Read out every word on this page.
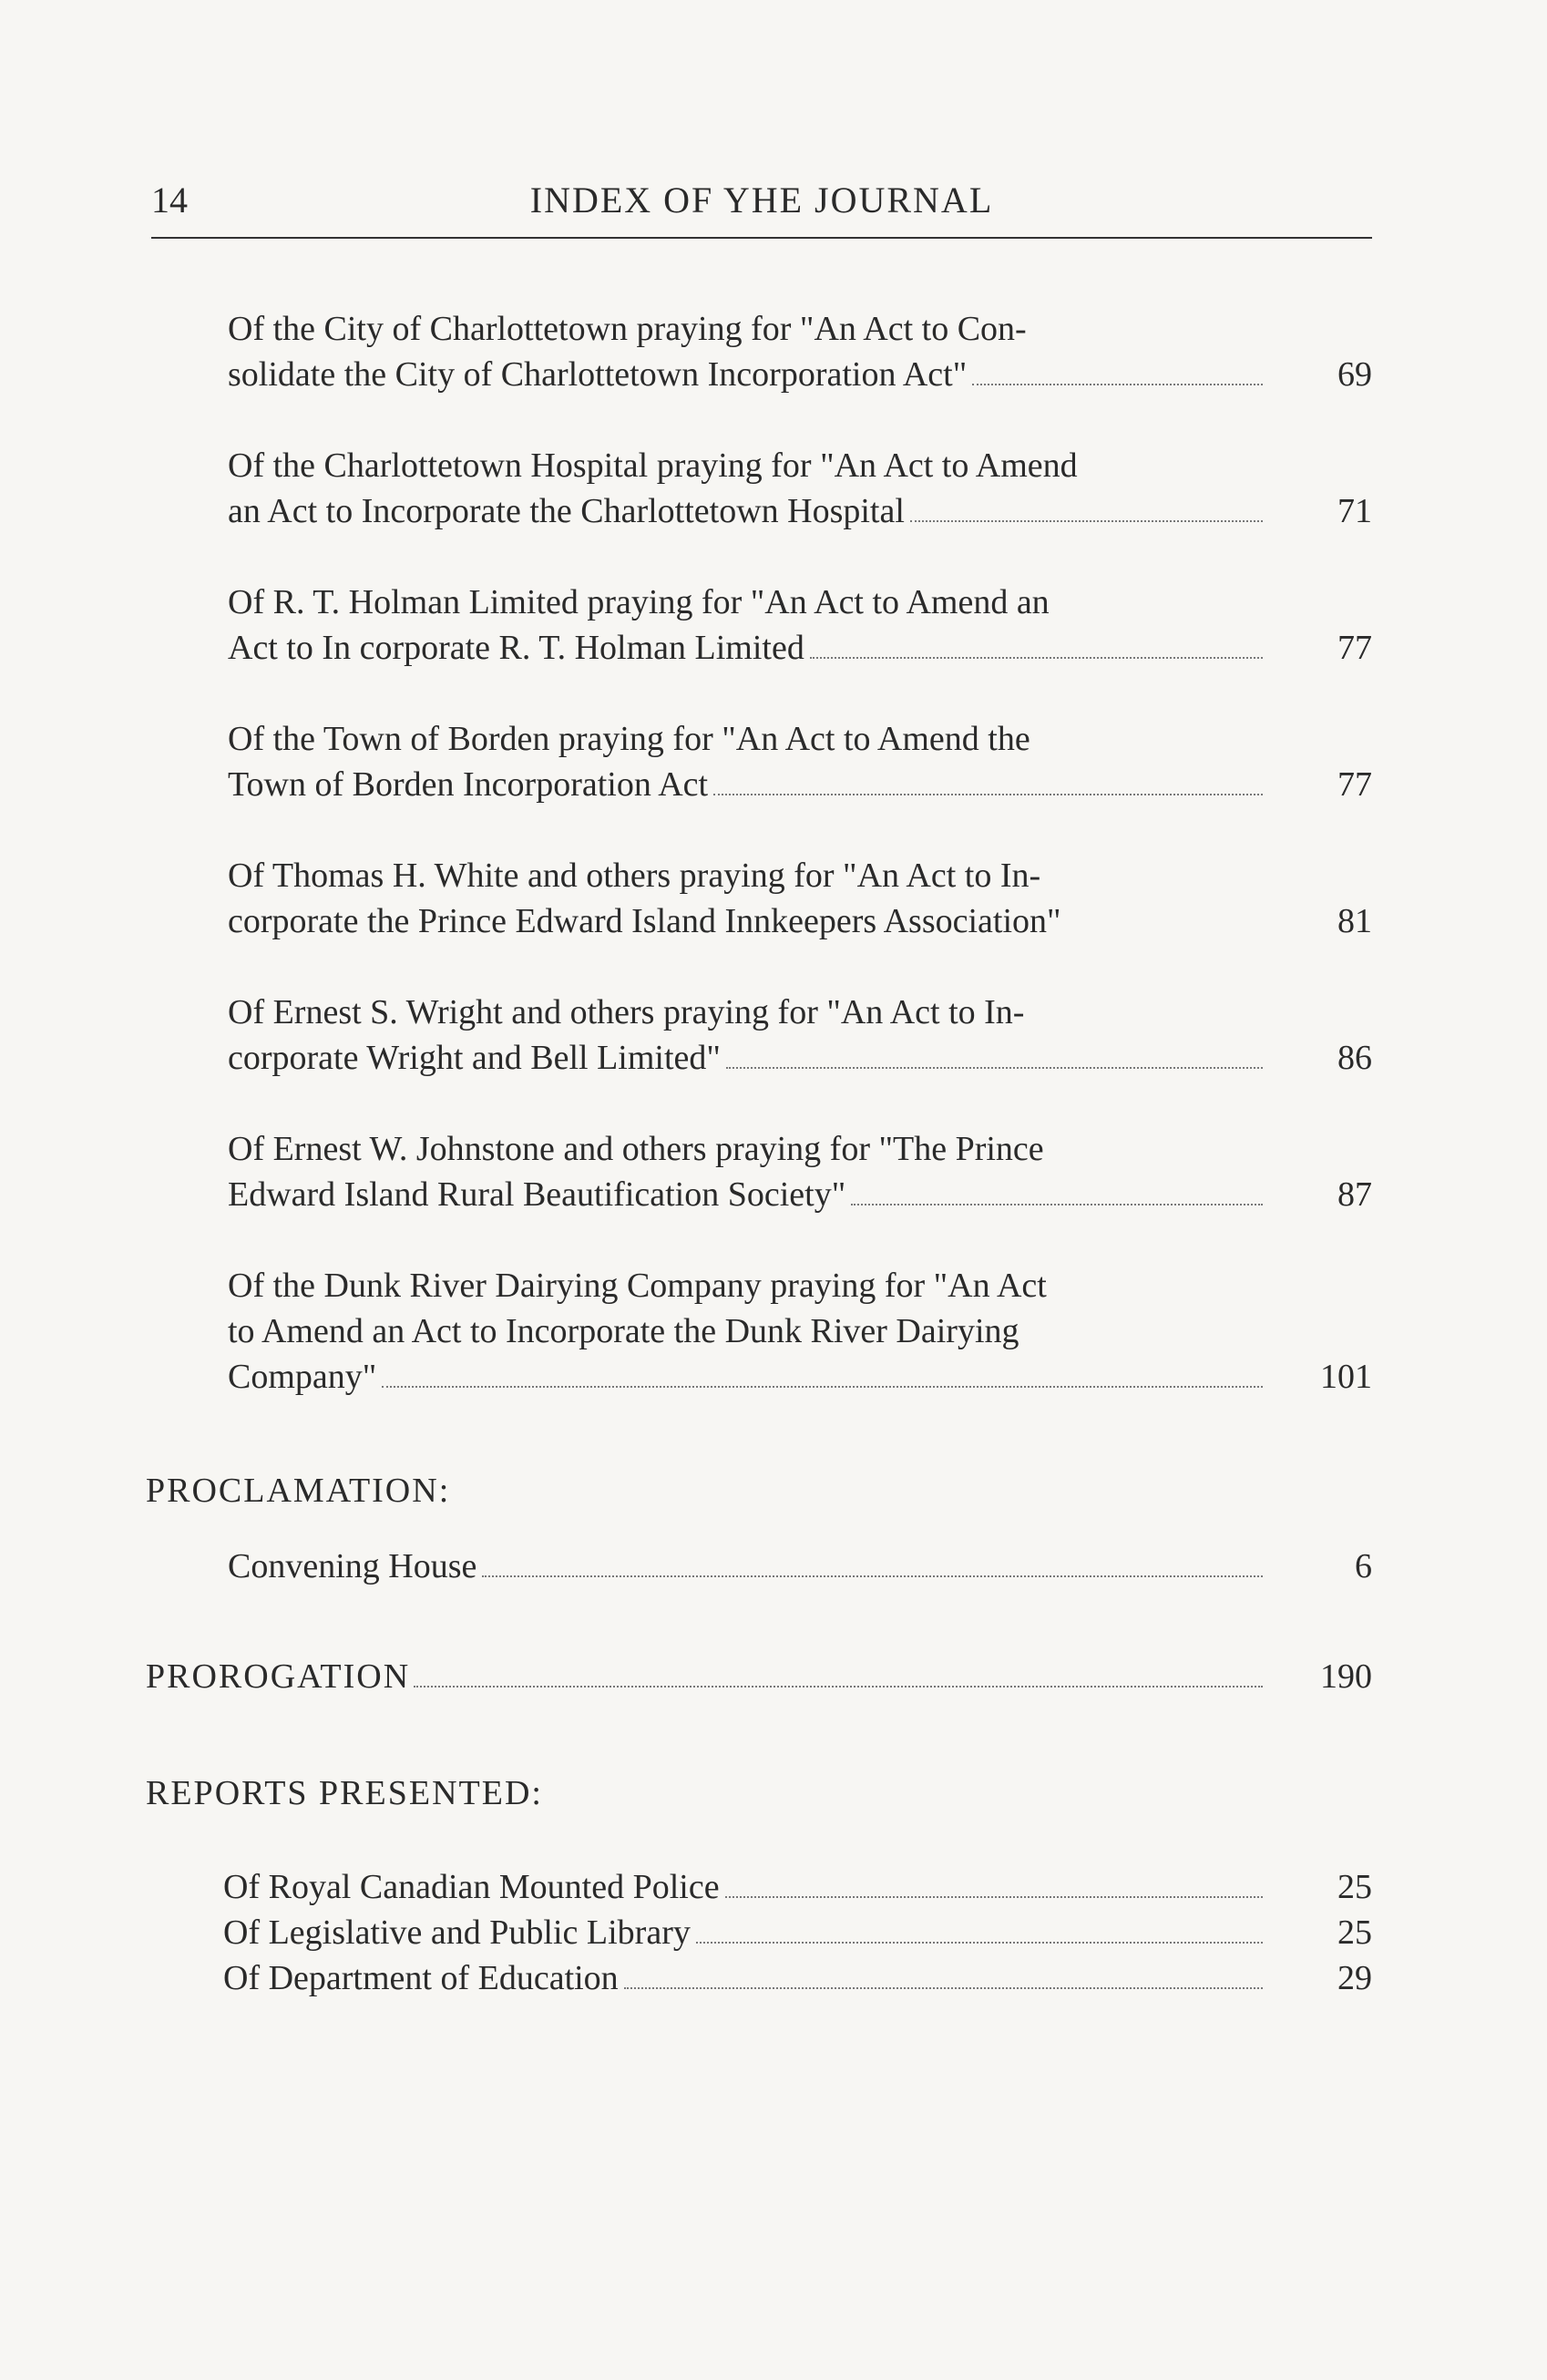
14	INDEX OF YHE JOURNAL
Of the City of Charlottetown praying for "An Act to Con-
solidate the City of Charlottetown Incorporation Act"	69
Of the Charlottetown Hospital praying for "An Act to Amend
an Act to Incorporate the Charlottetown Hospital	71
Of R. T. Holman Limited praying for "An Act to Amend an
Act to In corporate R. T. Holman Limited	77
Of the Town of Borden praying for "An Act to Amend the
Town of Borden Incorporation Act	77
Of Thomas H. White and others praying for "An Act to In-
corporate the Prince Edward Island Innkeepers Association"	81
Of Ernest S. Wright and others praying for "An Act to In-
corporate Wright and Bell Limited"	86
Of Ernest W. Johnstone and others praying for "The Prince
Edward Island Rural Beautification Society"	87
Of the Dunk River Dairying Company praying for "An Act
to Amend an Act to Incorporate the Dunk River Dairying
Company"	101
PROCLAMATION:
Convening House	6
PROROGATION	190
REPORTS PRESENTED:
Of Royal Canadian Mounted Police	25
Of Legislative and Public Library	25
Of Department of Education	29
